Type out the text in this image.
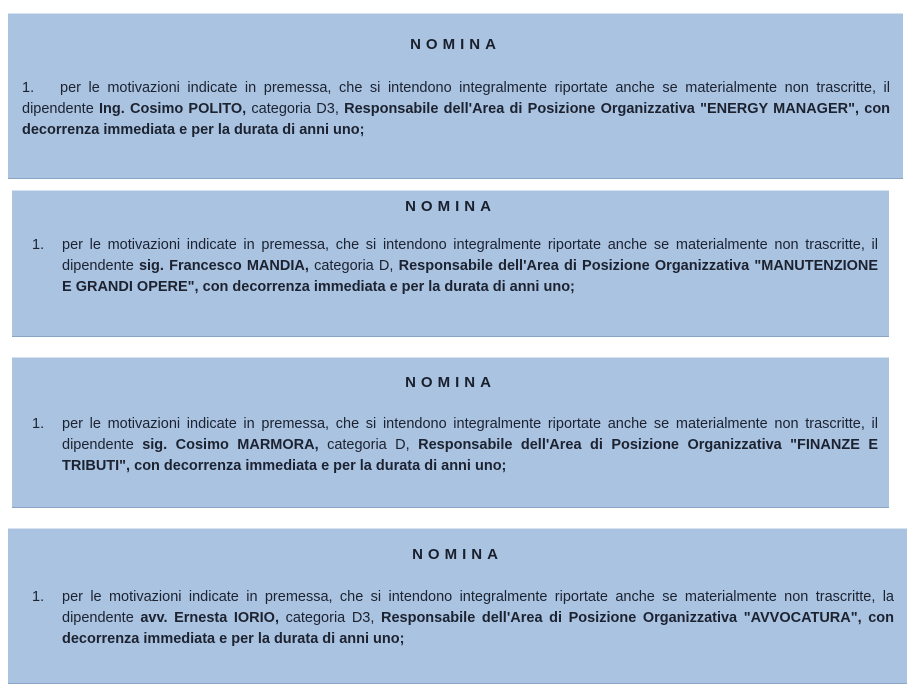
NOMINA
1.	per le motivazioni indicate in premessa, che si intendono integralmente riportate anche se materialmente non trascritte, il dipendente Ing. Cosimo POLITO, categoria D3, Responsabile dell'Area di Posizione Organizzativa "ENERGY MANAGER", con decorrenza immediata e per la durata di anni uno;
NOMINA
1.	per le motivazioni indicate in premessa, che si intendono integralmente riportate anche se materialmente non trascritte, il dipendente sig. Francesco MANDIA, categoria D, Responsabile dell'Area di Posizione Organizzativa "MANUTENZIONE E GRANDI OPERE", con decorrenza immediata e per la durata di anni uno;
NOMINA
1.	per le motivazioni indicate in premessa, che si intendono integralmente riportate anche se materialmente non trascritte, il dipendente sig. Cosimo MARMORA, categoria D, Responsabile dell'Area di Posizione Organizzativa "FINANZE E TRIBUTI", con decorrenza immediata e per la durata di anni uno;
NOMINA
1.	per le motivazioni indicate in premessa, che si intendono integralmente riportate anche se materialmente non trascritte, la dipendente avv. Ernesta IORIO, categoria D3, Responsabile dell'Area di Posizione Organizzativa "AVVOCATURA", con decorrenza immediata e per la durata di anni uno;
